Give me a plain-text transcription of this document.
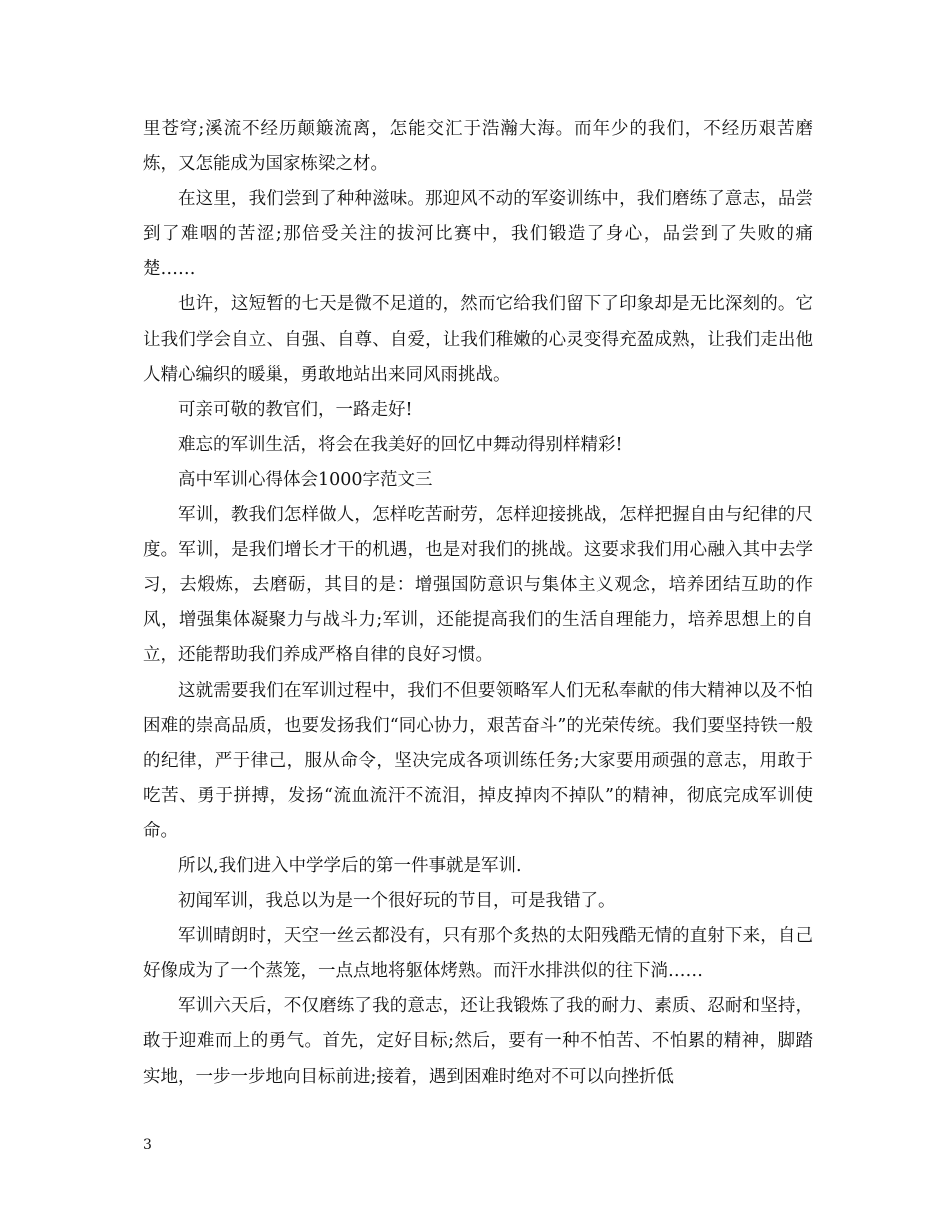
里苍穹;溪流不经历颠簸流离，怎能交汇于浩瀚大海。而年少的我们，不经历艰苦磨炼，又怎能成为国家栋梁之材。

在这里，我们尝到了种种滋味。那迎风不动的军姿训练中，我们磨练了意志，品尝到了难咽的苦涩;那倍受关注的拔河比赛中，我们锻造了身心，品尝到了失败的痛楚……

也许，这短暂的七天是微不足道的，然而它给我们留下了印象却是无比深刻的。它让我们学会自立、自强、自尊、自爱，让我们稚嫩的心灵变得充盈成熟，让我们走出他人精心编织的暖巢，勇敢地站出来同风雨挑战。

可亲可敬的教官们，一路走好!

难忘的军训生活，将会在我美好的回忆中舞动得别样精彩!

高中军训心得体会1000字范文三

军训，教我们怎样做人，怎样吃苦耐劳，怎样迎接挑战，怎样把握自由与纪律的尺度。军训，是我们增长才干的机遇，也是对我们的挑战。这要求我们用心融入其中去学习，去煅炼，去磨砺，其目的是：增强国防意识与集体主义观念，培养团结互助的作风，增强集体凝聚力与战斗力;军训，还能提高我们的生活自理能力，培养思想上的自立，还能帮助我们养成严格自律的良好习惯。

这就需要我们在军训过程中，我们不但要领略军人们无私奉献的伟大精神以及不怕困难的崇高品质，也要发扬我们“同心协力，艰苦奋斗”的光荣传统。我们要坚持铁一般的纪律，严于律己，服从命令，坚决完成各项训练任务;大家要用顽强的意志，用敢于吃苦、勇于拼搏，发扬“流血流汗不流泪，掉皮掉肉不掉队”的精神，彻底完成军训使命。

所以,我们进入中学学后的第一件事就是军训.

初闻军训，我总以为是一个很好玩的节目，可是我错了。

军训晴朗时，天空一丝云都没有，只有那个炙热的太阳残酷无情的直射下来，自己好像成为了一个蒸笼，一点点地将躯体烤熟。而汗水排洪似的往下淌……

军训六天后，不仅磨练了我的意志，还让我锻炼了我的耐力、素质、忍耐和坚持，敢于迎难而上的勇气。首先，定好目标;然后，要有一种不怕苦、不怕累的精神，脚踏实地，一步一步地向目标前进;接着，遇到困难时绝对不可以向挫折低

3
